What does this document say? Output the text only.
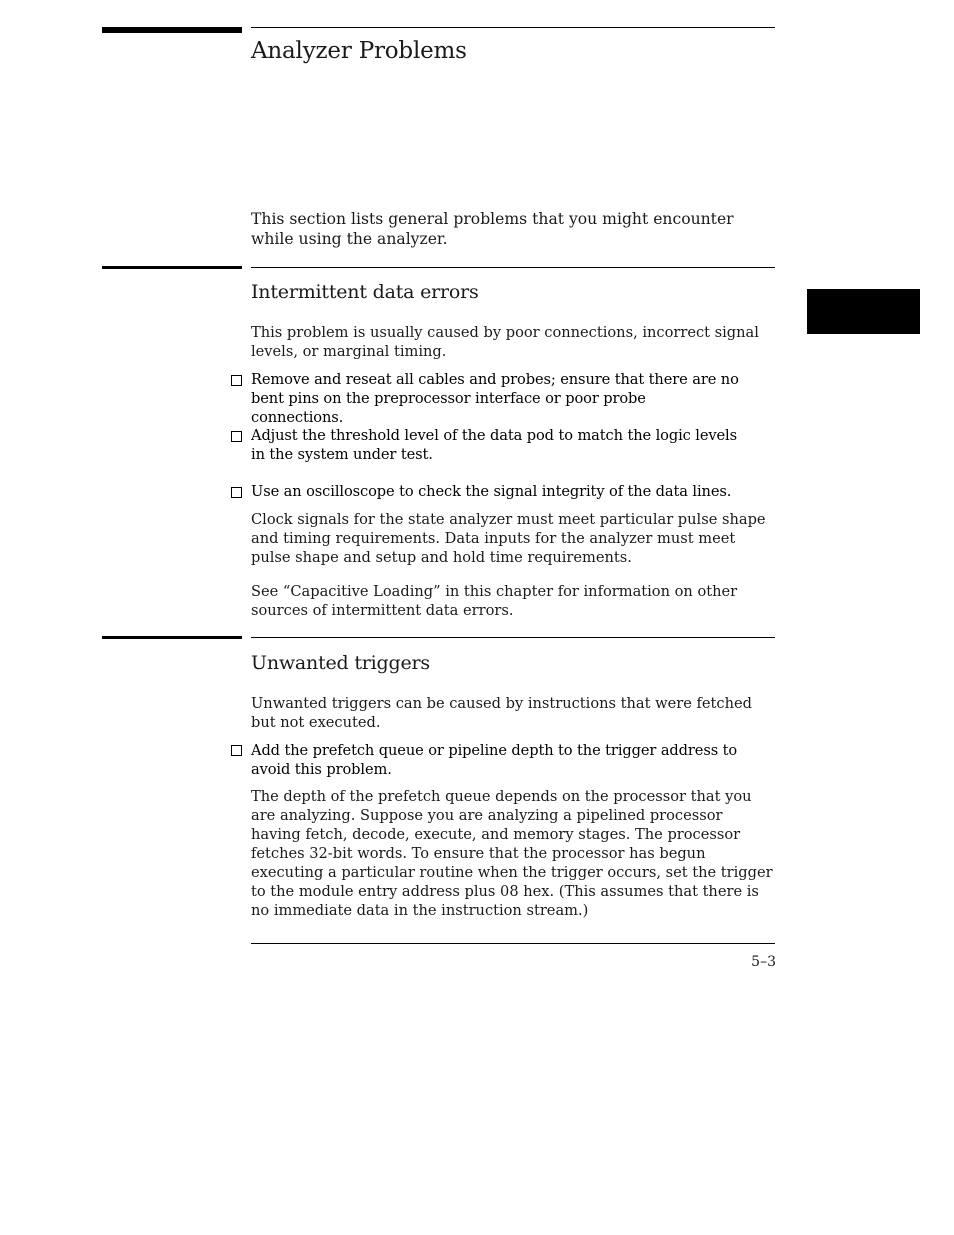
Analyzer Problems
This section lists general problems that you might encounter while using the analyzer.
Intermittent data errors
This problem is usually caused by poor connections, incorrect signal levels, or marginal timing.
Remove and reseat all cables and probes; ensure that there are no bent pins on the preprocessor interface or poor probe connections.
Adjust the threshold level of the data pod to match the logic levels in the system under test.
Use an oscilloscope to check the signal integrity of the data lines.
Clock signals for the state analyzer must meet particular pulse shape and timing requirements. Data inputs for the analyzer must meet pulse shape and setup and hold time requirements.
See “Capacitive Loading” in this chapter for information on other sources of intermittent data errors.
Unwanted triggers
Unwanted triggers can be caused by instructions that were fetched but not executed.
Add the prefetch queue or pipeline depth to the trigger address to avoid this problem.
The depth of the prefetch queue depends on the processor that you are analyzing. Suppose you are analyzing a pipelined processor having fetch, decode, execute, and memory stages. The processor fetches 32-bit words. To ensure that the processor has begun executing a particular routine when the trigger occurs, set the trigger to the module entry address plus 08 hex. (This assumes that there is no immediate data in the instruction stream.)
5–3
